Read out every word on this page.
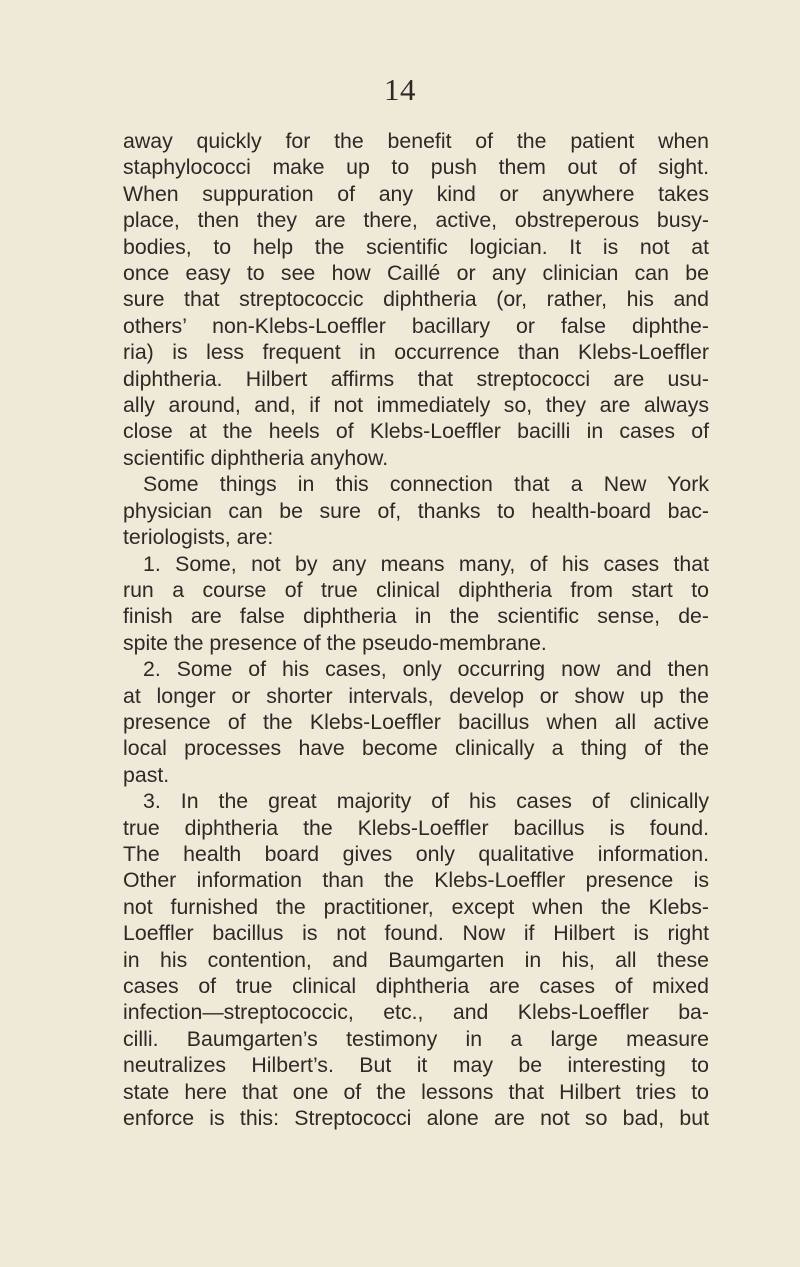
14
away quickly for the benefit of the patient when
staphylococci make up to push them out of sight.
When suppuration of any kind or anywhere takes
place, then they are there, active, obstreperous busy-
bodies, to help the scientific logician. It is not at
once easy to see how Caillé or any clinician can be
sure that streptococcic diphtheria (or, rather, his and
others’ non-Klebs-Loeffler bacillary or false diphthe-
ria) is less frequent in occurrence than Klebs-Loeffler
diphtheria. Hilbert affirms that streptococci are usu-
ally around, and, if not immediately so, they are always
close at the heels of Klebs-Loeffler bacilli in cases of
scientific diphtheria anyhow.
Some things in this connection that a New York
physician can be sure of, thanks to health-board bac-
teriologists, are:
1. Some, not by any means many, of his cases that
run a course of true clinical diphtheria from start to
finish are false diphtheria in the scientific sense, de-
spite the presence of the pseudo-membrane.
2. Some of his cases, only occurring now and then
at longer or shorter intervals, develop or show up the
presence of the Klebs-Loeffler bacillus when all active
local processes have become clinically a thing of the
past.
3. In the great majority of his cases of clinically
true diphtheria the Klebs-Loeffler bacillus is found.
The health board gives only qualitative information.
Other information than the Klebs-Loeffler presence is
not furnished the practitioner, except when the Klebs-
Loeffler bacillus is not found. Now if Hilbert is right
in his contention, and Baumgarten in his, all these
cases of true clinical diphtheria are cases of mixed
infection—streptococcic, etc., and Klebs-Loeffler ba-
cilli. Baumgarten’s testimony in a large measure
neutralizes Hilbert’s. But it may be interesting to
state here that one of the lessons that Hilbert tries to
enforce is this: Streptococci alone are not so bad, but
